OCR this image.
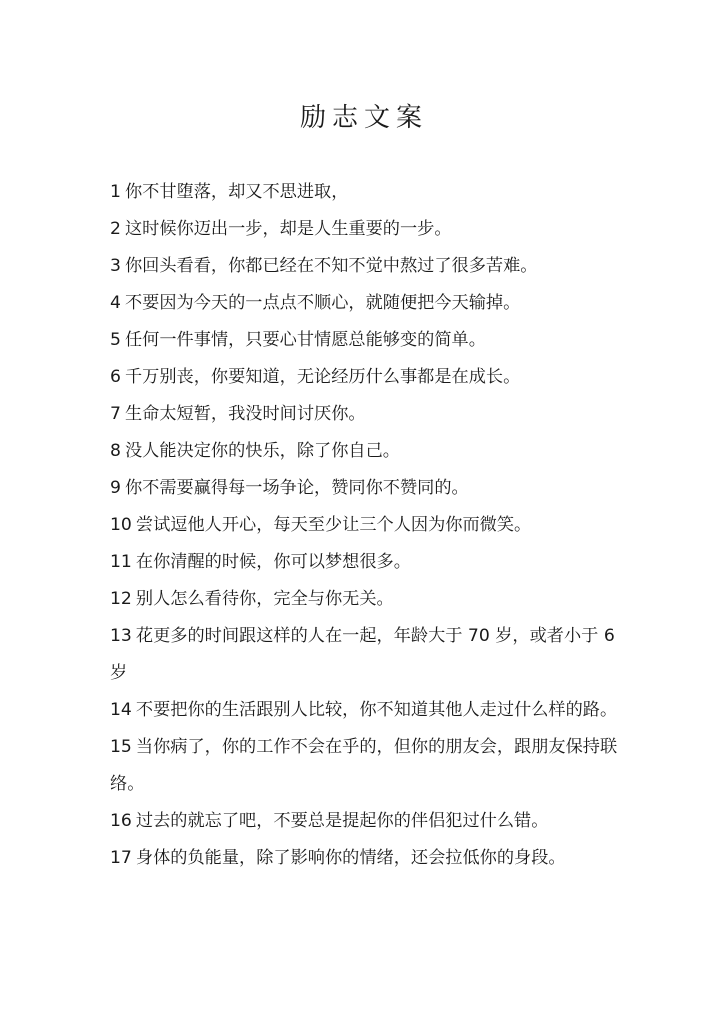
励志文案
1 你不甘堕落，却又不思进取，
2 这时候你迈出一步，却是人生重要的一步。
3 你回头看看，你都已经在不知不觉中熬过了很多苦难。
4 不要因为今天的一点点不顺心，就随便把今天输掉。
5 任何一件事情，只要心甘情愿总能够变的简单。
6 千万别丧，你要知道，无论经历什么事都是在成长。
7 生命太短暂，我没时间讨厌你。
8 没人能决定你的快乐，除了你自己。
9 你不需要赢得每一场争论，赞同你不赞同的。
10 尝试逗他人开心，每天至少让三个人因为你而微笑。
11 在你清醒的时候，你可以梦想很多。
12 别人怎么看待你，完全与你无关。
13 花更多的时间跟这样的人在一起，年龄大于 70 岁，或者小于 6 岁
14 不要把你的生活跟别人比较，你不知道其他人走过什么样的路。
15 当你病了，你的工作不会在乎的，但你的朋友会，跟朋友保持联络。
16 过去的就忘了吧，不要总是提起你的伴侣犯过什么错。
17 身体的负能量，除了影响你的情绪，还会拉低你的身段。
